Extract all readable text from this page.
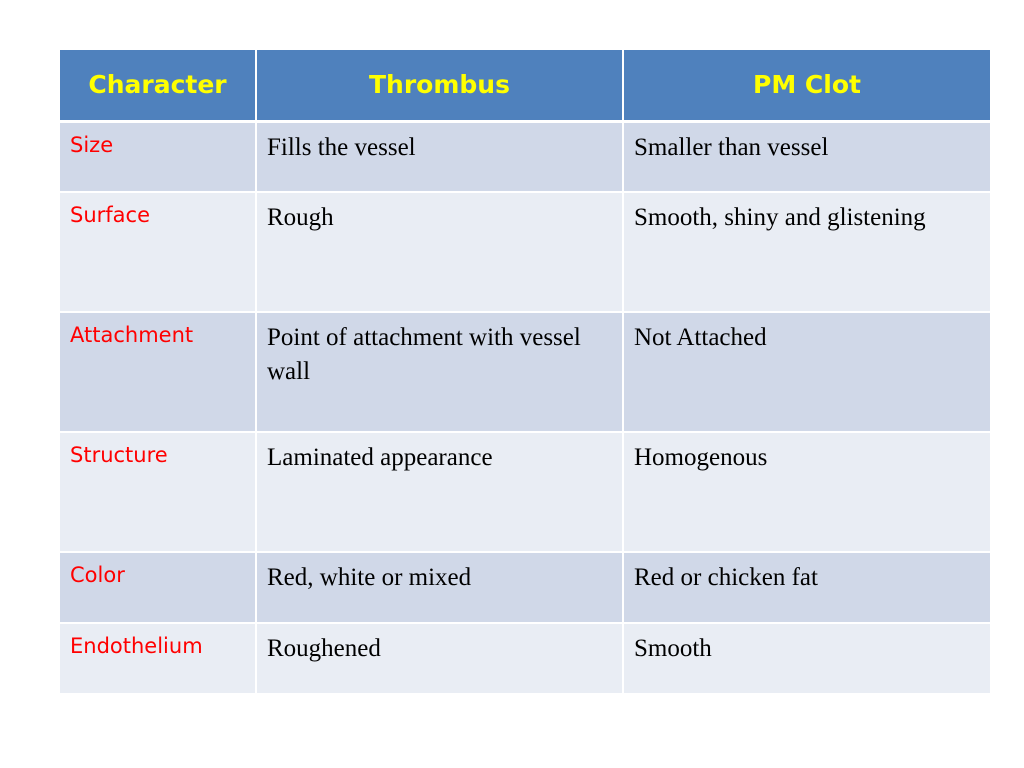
Character	Thrombus	PM Clot
Size	Fills the vessel	Smaller than vessel
Surface	Rough	Smooth, shiny and glistening
Attachment	Point of attachment with vessel wall	Not Attached
Structure	Laminated appearance	Homogenous
Color	Red, white or mixed	Red or chicken fat
Endothelium	Roughened	Smooth
